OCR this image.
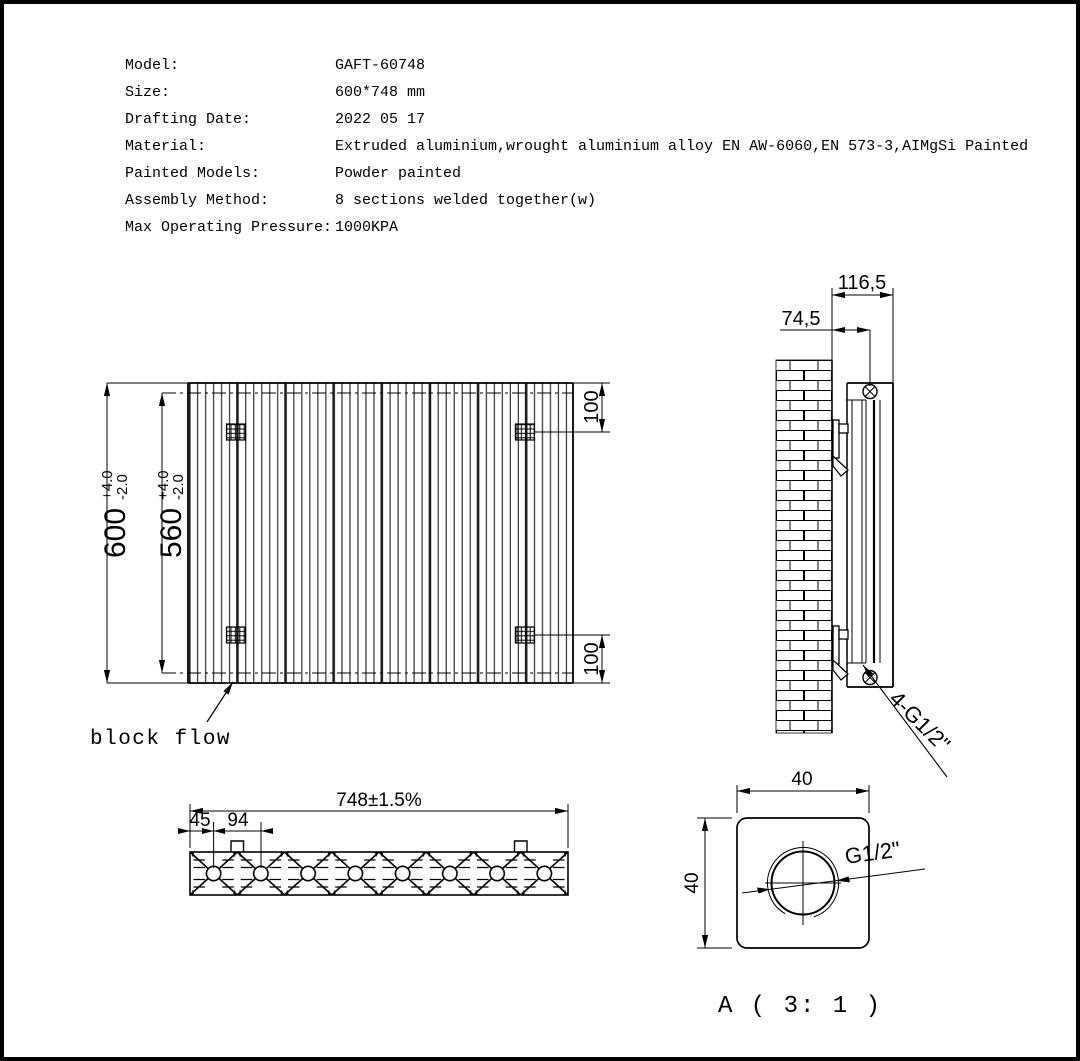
Model:	GAFT-60748
Size:	600*748 mm
Drafting Date:	2022 05 17
Material:	Extruded aluminium,wrought aluminium alloy EN AW-6060,EN 573-3,AIMgSi Painted
Painted Models:	Powder painted
Assembly Method:	8 sections welded together(w)
Max Operating Pressure: 1000KPA
600
+4.0
-2.0
560
+4.0
-2.0
100
100
block flow
116,5
74,5
4-G1/2"
748±1.5%
45 94
G1/2"
40
40
A ( 3: 1 )
